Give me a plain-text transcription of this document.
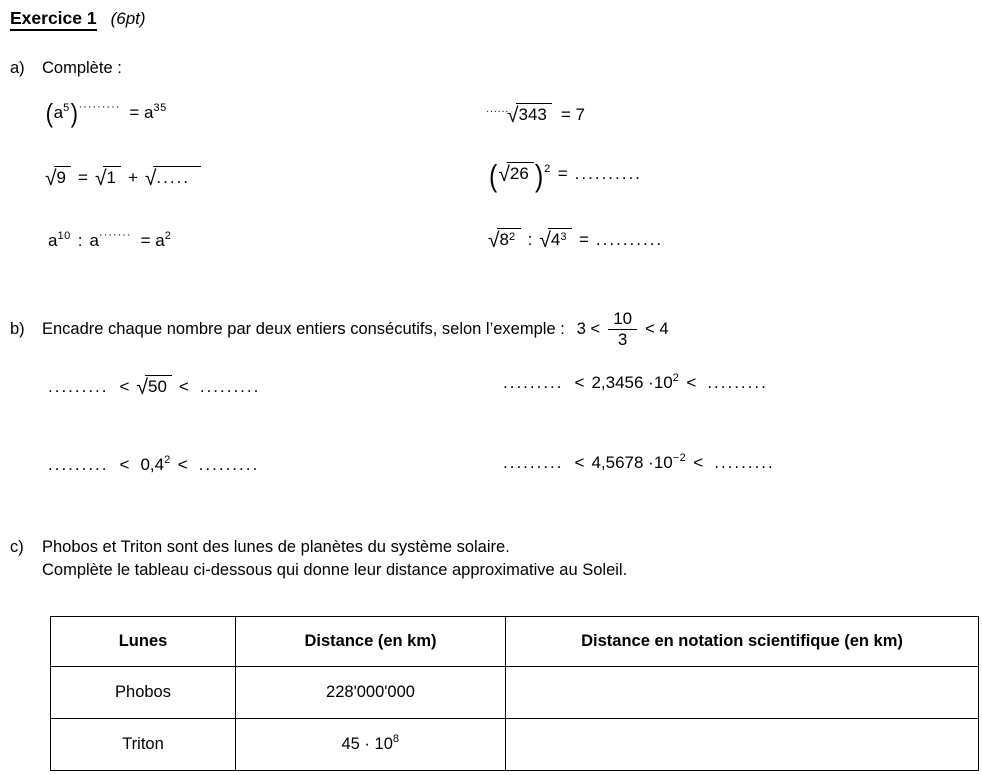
Exercice 1 (6pt)
a) Complète :
$(a^5)^{\cdot\cdot\cdot\cdot\cdot\cdot\cdot\cdot\cdot} = a^{35}$	······√343 = 7
√9 = √1 + √.....	(√26 )$^2$ = ..........
$a^{10}$ : $a^{\cdot\cdot\cdot\cdot\cdot\cdot\cdot} = a^2$	$√8^2$ : $√4^3$ = ..........
b)	Encadre chaque nombre par deux entiers consécutifs, selon l’exemple : $3 < \frac{10}{3} < 4$
......... < √50 < .........	......... < $2,3456 \cdot 10^2$ < .........
......... < $0,4^2$ < .........	......... < $4,5678 \cdot 10^{-2}$ < .........
c) Phobos et Triton sont des lunes de planètes du système solaire.
Complète le tableau ci-dessous qui donne leur distance approximative au Soleil.
Lunes	Distance (en km)	Distance en notation scientifique (en km)
Phobos	228'000'000	
Triton	$45 \cdot 10^8$	
